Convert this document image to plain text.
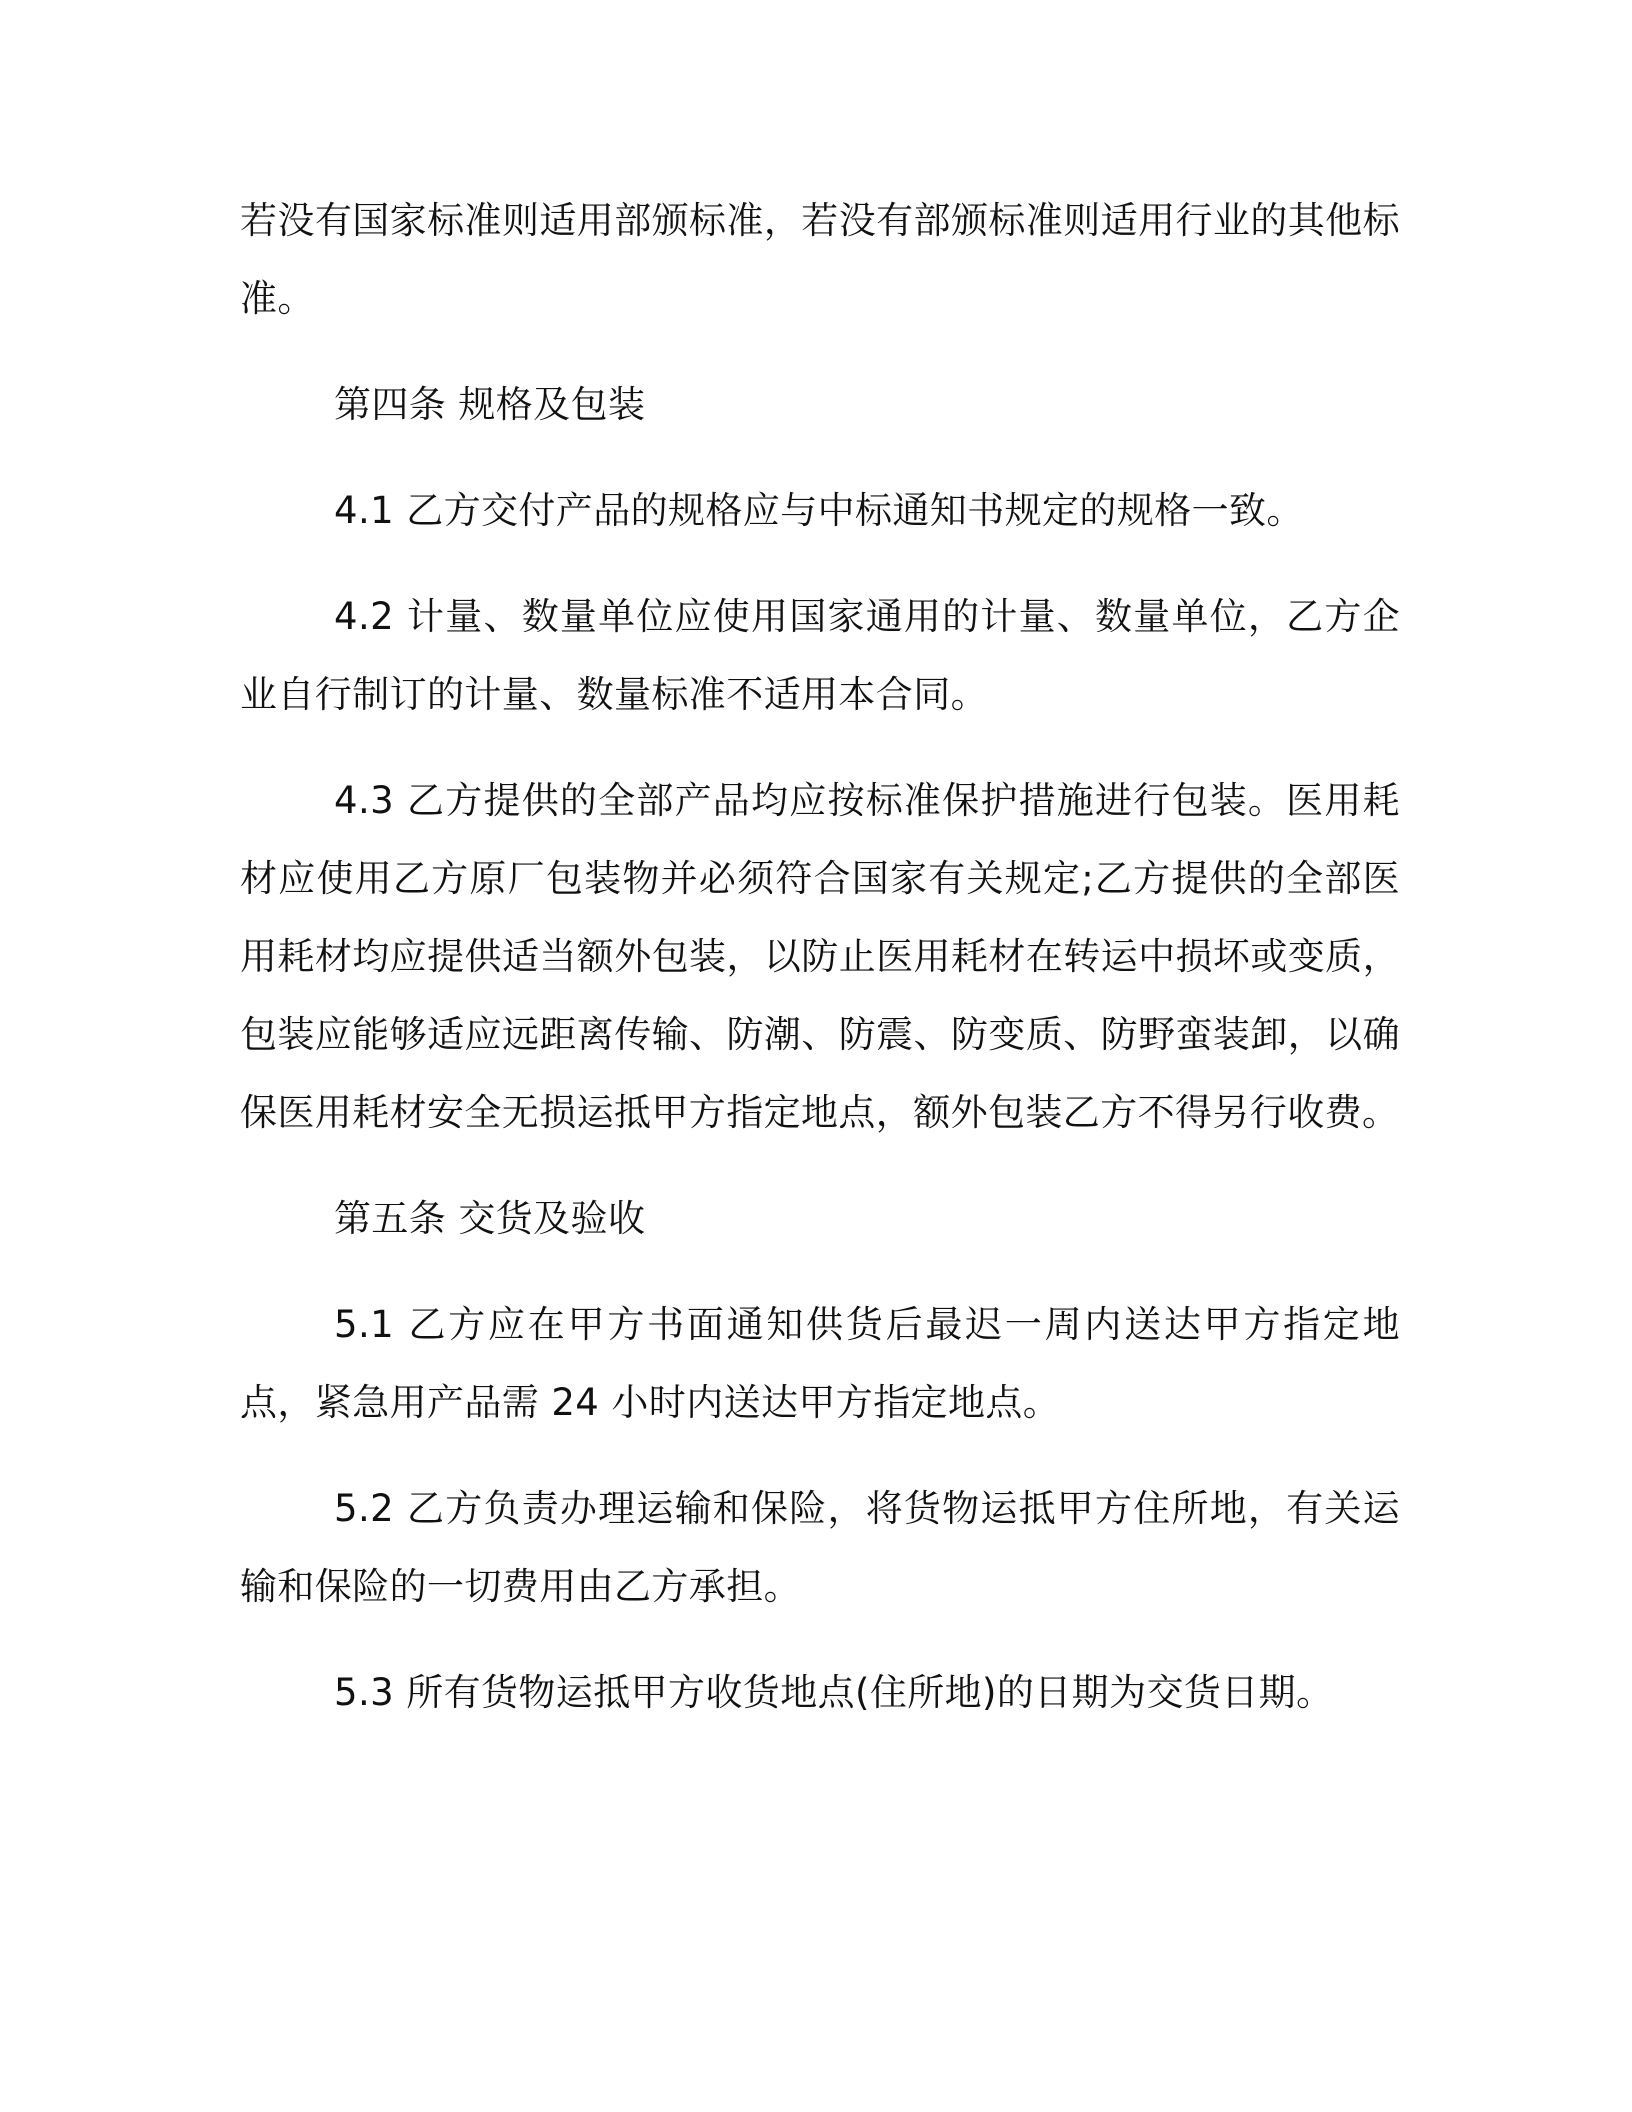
若没有国家标准则适用部颁标准，若没有部颁标准则适用行业的其他标准。

第四条 规格及包装

4.1 乙方交付产品的规格应与中标通知书规定的规格一致。

4.2 计量、数量单位应使用国家通用的计量、数量单位，乙方企业自行制订的计量、数量标准不适用本合同。

4.3 乙方提供的全部产品均应按标准保护措施进行包装。医用耗材应使用乙方原厂包装物并必须符合国家有关规定;乙方提供的全部医用耗材均应提供适当额外包装，以防止医用耗材在转运中损坏或变质，包装应能够适应远距离传输、防潮、防震、防变质、防野蛮装卸，以确保医用耗材安全无损运抵甲方指定地点，额外包装乙方不得另行收费。

第五条 交货及验收

5.1 乙方应在甲方书面通知供货后最迟一周内送达甲方指定地点，紧急用产品需 24 小时内送达甲方指定地点。

5.2 乙方负责办理运输和保险，将货物运抵甲方住所地，有关运输和保险的一切费用由乙方承担。

5.3 所有货物运抵甲方收货地点(住所地)的日期为交货日期。
